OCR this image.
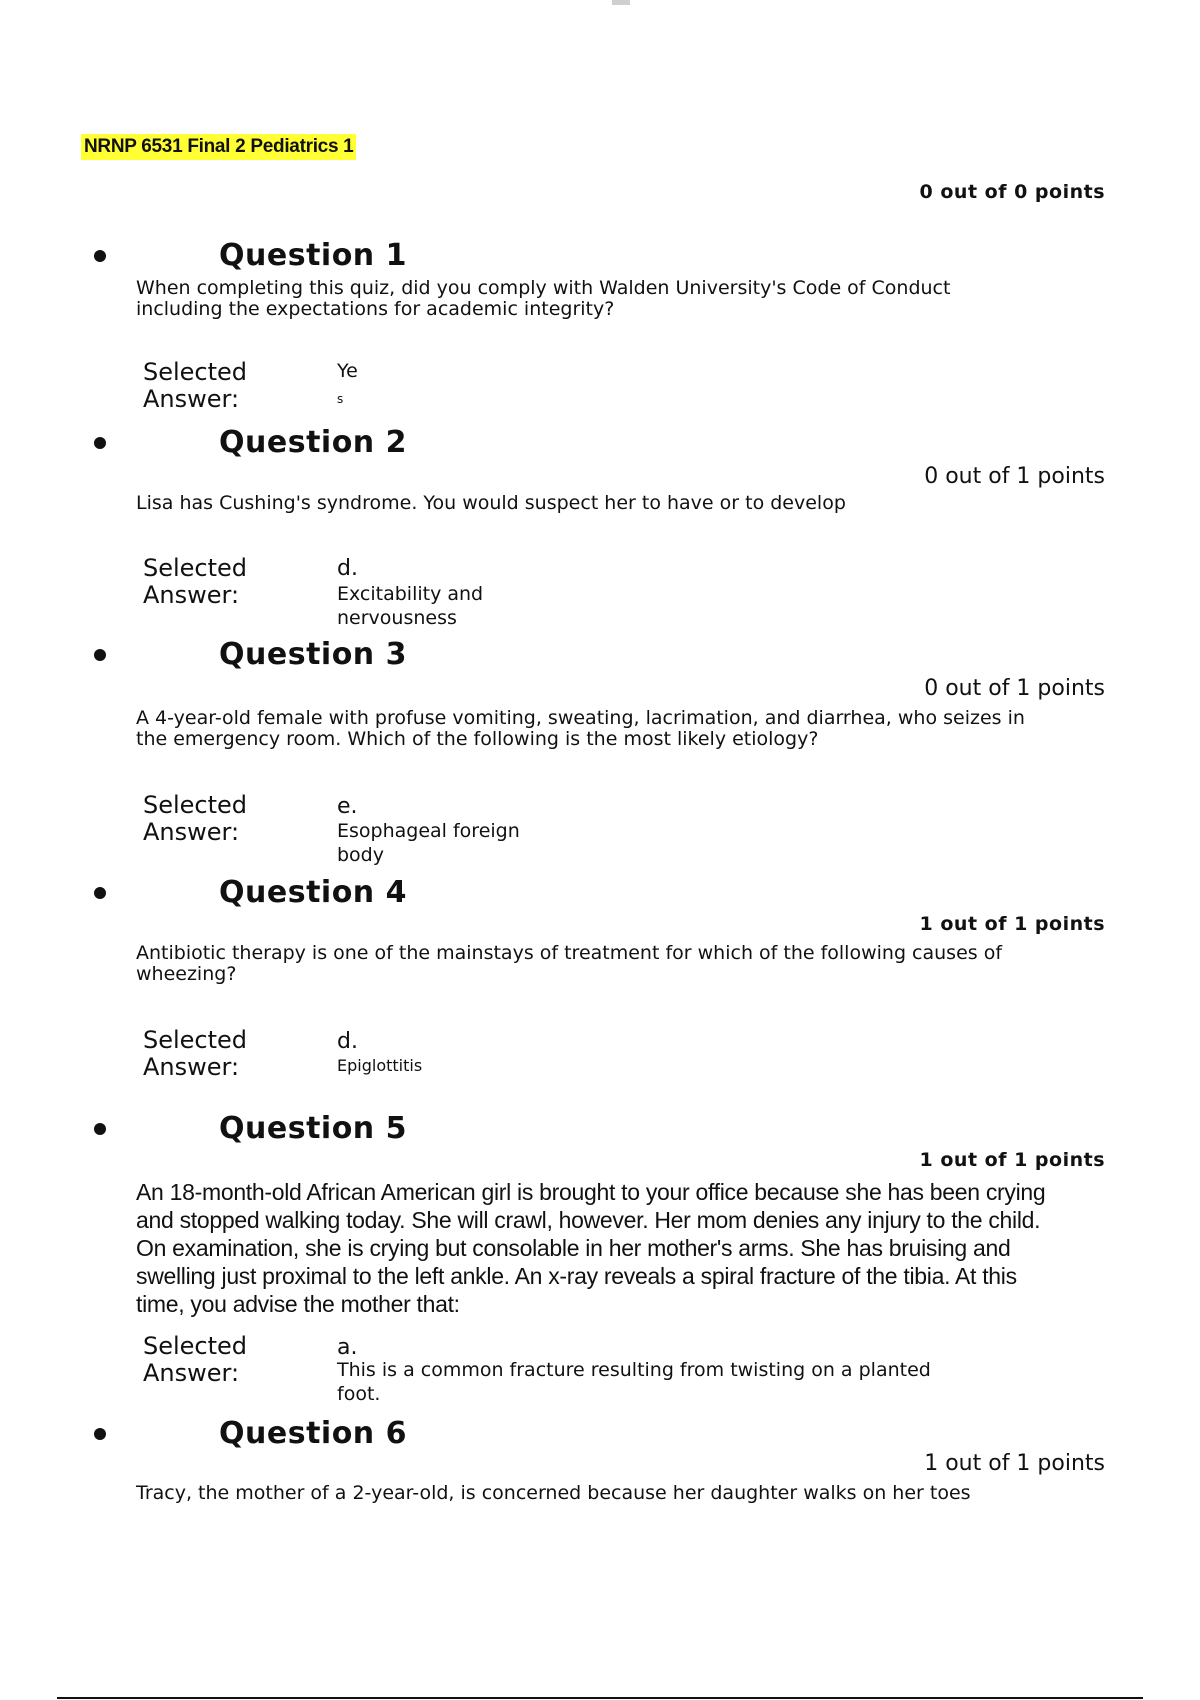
NRNP 6531 Final 2 Pediatrics 1
0 out of 0 points
Question 1
When completing this quiz, did you comply with Walden University's Code of Conduct including the expectations for academic integrity?
Selected
Answer:
Ye
s
Question 2
0 out of 1 points
Lisa has Cushing's syndrome. You would suspect her to have or to develop
Selected
Answer:
d.
Excitability and nervousness
Question 3
0 out of 1 points
A 4-year-old female with profuse vomiting, sweating, lacrimation, and diarrhea, who seizes in the emergency room. Which of the following is the most likely etiology?
Selected
Answer:
e.
Esophageal foreign body
Question 4
1 out of 1 points
Antibiotic therapy is one of the mainstays of treatment for which of the following causes of wheezing?
Selected
Answer:
d.
Epiglottitis
Question 5
1 out of 1 points
An 18-month-old African American girl is brought to your office because she has been crying and stopped walking today. She will crawl, however. Her mom denies any injury to the child. On examination, she is crying but consolable in her mother's arms. She has bruising and swelling just proximal to the left ankle. An x-ray reveals a spiral fracture of the tibia. At this time, you advise the mother that:
Selected
Answer:
a.
This is a common fracture resulting from twisting on a planted foot.
Question 6
1 out of 1 points
Tracy, the mother of a 2-year-old, is concerned because her daughter walks on her toes
